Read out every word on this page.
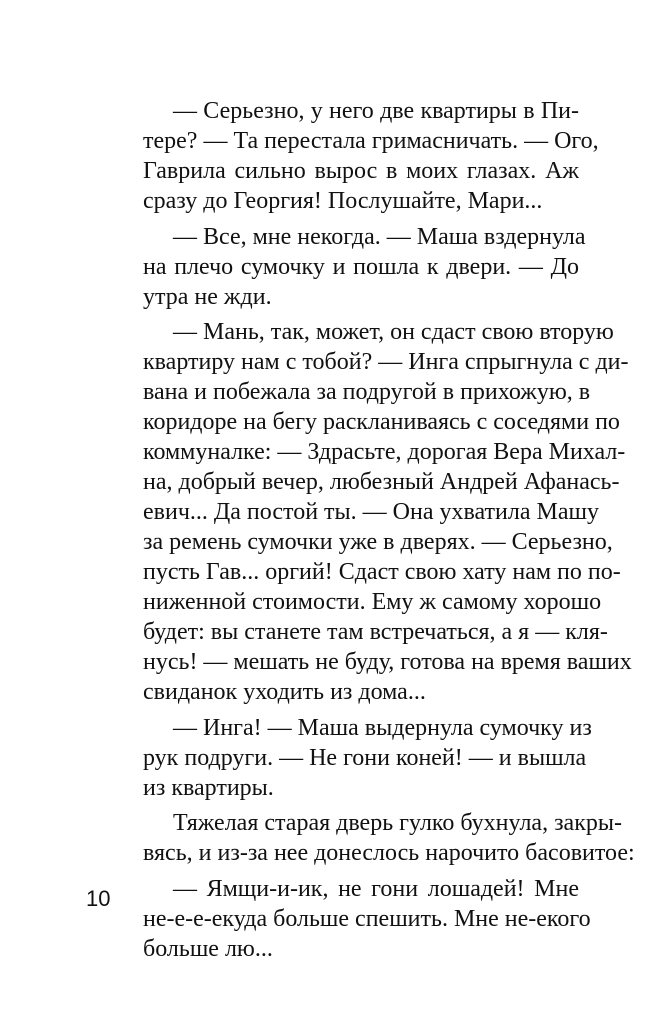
— Серьезно, у него две квартиры в Пи-
тере? — Та перестала гримасничать. — Ого,
Гаврила сильно вырос в моих глазах. Аж
сразу до Георгия! Послушайте, Мари...
— Все, мне некогда. — Маша вздернула
на плечо сумочку и пошла к двери. — До
утра не жди.
— Мань, так, может, он сдаст свою вторую
квартиру нам с тобой? — Инга спрыгнула с ди-
вана и побежала за подругой в прихожую, в
коридоре на бегу раскланиваясь с соседями по
коммуналке: — Здрасьте, дорогая Вера Михал-
на, добрый вечер, любезный Андрей Афанась-
евич... Да постой ты. — Она ухватила Машу
за ремень сумочки уже в дверях. — Серьезно,
пусть Гав... оргий! Сдаст свою хату нам по по-
ниженной стоимости. Ему ж самому хорошо
будет: вы станете там встречаться, а я — кля-
нусь! — мешать не буду, готова на время ваших
свиданок уходить из дома...
— Инга! — Маша выдернула сумочку из
рук подруги. — Не гони коней! — и вышла
из квартиры.
Тяжелая старая дверь гулко бухнула, закры-
вясь, и из-за нее донеслось нарочито басовитое:
— Ямщи-и-ик, не гони лошадей! Мне
не-е-е-екуда больше спешить. Мне не-екого
больше лю...
10
